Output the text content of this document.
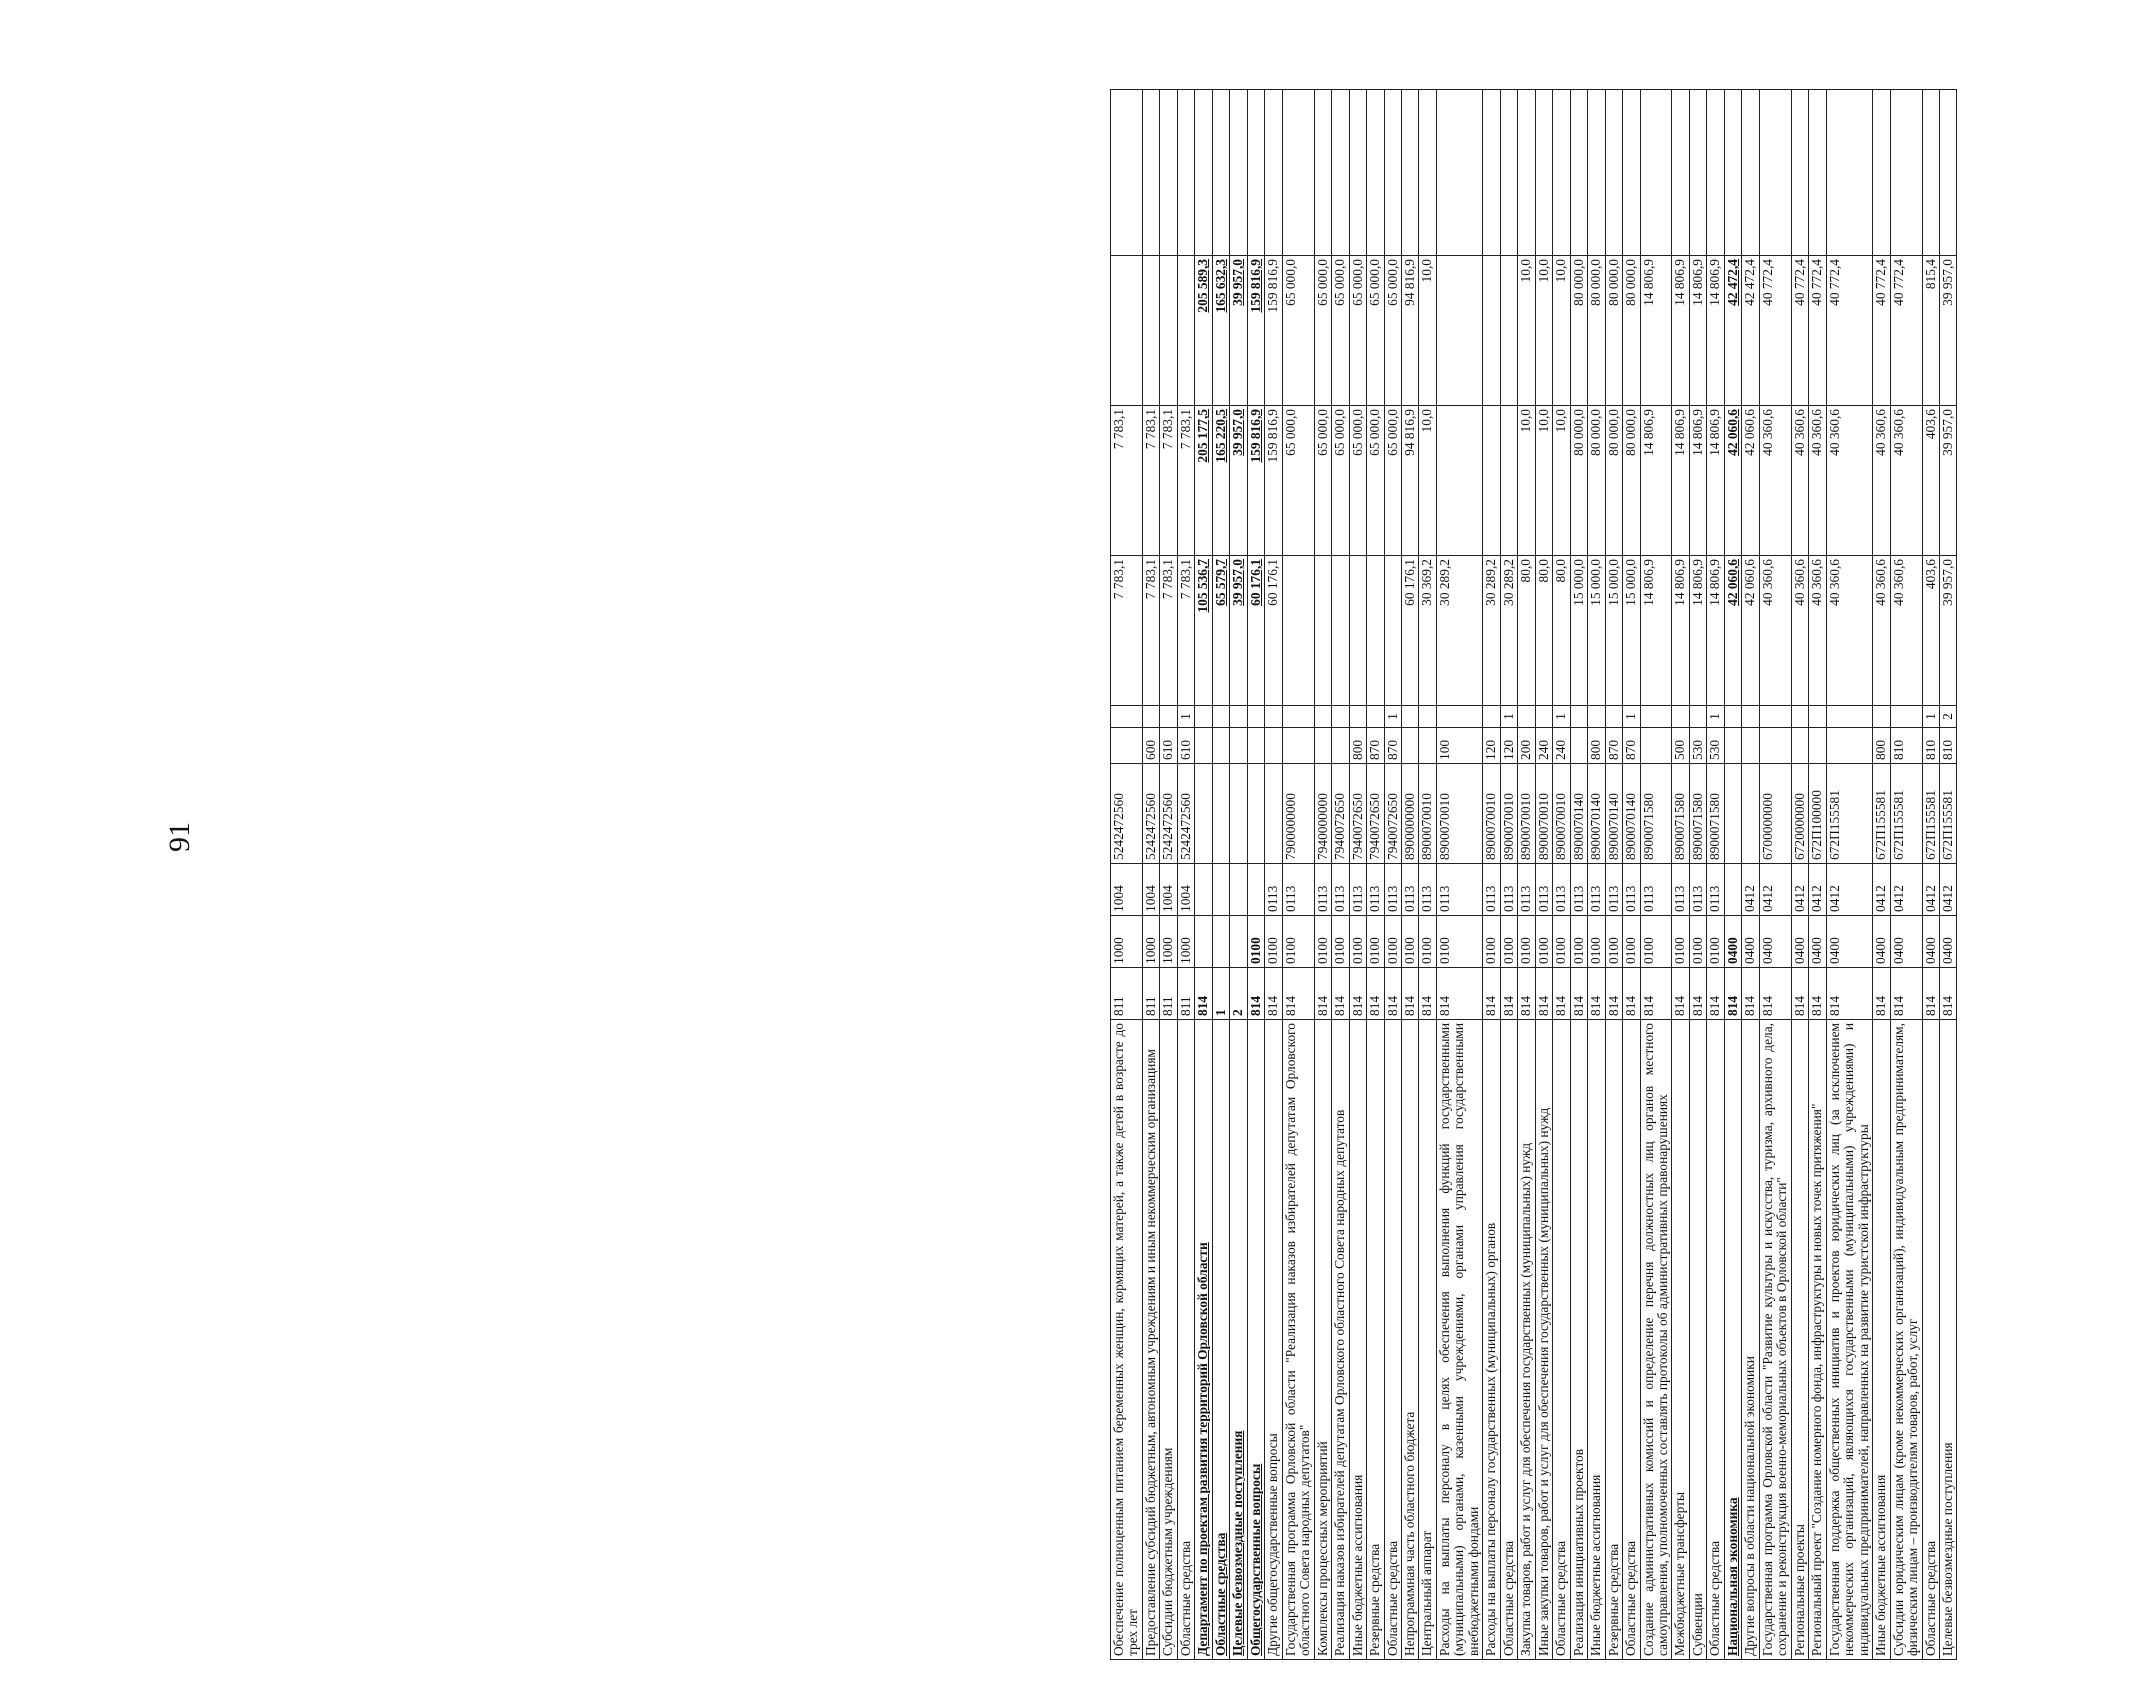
91
Обеспечение полноценным питанием беременных женщин, кормящих матерей, а также детей в возрасте до трех лет	811	1000	1004	5242472560			7 783,1	7 783,1		
Предоставление субсидий бюджетным, автономным учреждениям и иным некоммерческим организациям	811	1000	1004	5242472560	600		7 783,1	7 783,1		
Субсидии бюджетным учреждениям	811	1000	1004	5242472560	610		7 783,1	7 783,1		
Областные средства	811	1000	1004	5242472560	610	1	7 783,1	7 783,1		
Департамент по проектам развития территорий Орловской области	814						105 536,7	205 177,5	205 589,3	
Областные средства	1						65 579,7	165 220,5	165 632,3	
Целевые безвозмездные поступления	2						39 957,0	39 957,0	39 957,0	
Общегосударственные вопросы	814	0100					60 176,1	159 816,9	159 816,9	
Другие общегосударственные вопросы	814	0100	0113				60 176,1	159 816,9	159 816,9	
Государственная программа Орловской области "Реализация наказов избирателей депутатам Орловского областного Совета народных депутатов"	814	0100	0113	7900000000				65 000,0	65 000,0	
Комплексы процессных мероприятий	814	0100	0113	7940000000				65 000,0	65 000,0	
Реализация наказов избирателей депутатам Орловского областного Совета народных депутатов	814	0100	0113	7940072650				65 000,0	65 000,0	
Иные бюджетные ассигнования	814	0100	0113	7940072650	800			65 000,0	65 000,0	
Резервные средства	814	0100	0113	7940072650	870			65 000,0	65 000,0	
Областные средства	814	0100	0113	7940072650	870	1		65 000,0	65 000,0	
Непрограммная часть областного бюджета	814	0100	0113	8900000000			60 176,1	94 816,9	94 816,9	
Центральный аппарат	814	0100	0113	8900070010			30 369,2	10,0	10,0	
Расходы на выплаты персоналу в целях обеспечения выполнения функций государственными (муниципальными) органами, казенными учреждениями, органами управления государственными внебюджетными фондами	814	0100	0113	8900070010	100		30 289,2			
Расходы на выплаты персоналу государственных (муниципальных) органов	814	0100	0113	8900070010	120		30 289,2			
Областные средства	814	0100	0113	8900070010	120	1	30 289,2			
Закупка товаров, работ и услуг для обеспечения государственных (муниципальных) нужд	814	0100	0113	8900070010	200		80,0	10,0	10,0	
Иные закупки товаров, работ и услуг для обеспечения государственных (муниципальных) нужд	814	0100	0113	8900070010	240		80,0	10,0	10,0	
Областные средства	814	0100	0113	8900070010	240	1	80,0	10,0	10,0	
Реализация инициативных проектов	814	0100	0113	8900070140			15 000,0	80 000,0	80 000,0	
Иные бюджетные ассигнования	814	0100	0113	8900070140	800		15 000,0	80 000,0	80 000,0	
Резервные средства	814	0100	0113	8900070140	870		15 000,0	80 000,0	80 000,0	
Областные средства	814	0100	0113	8900070140	870	1	15 000,0	80 000,0	80 000,0	
Создание административных комиссий и определение перечня должностных лиц органов местного самоуправления, уполномоченных составлять протоколы об административных правонарушениях	814	0100	0113	8900071580			14 806,9	14 806,9	14 806,9	
Межбюджетные трансферты	814	0100	0113	8900071580	500		14 806,9	14 806,9	14 806,9	
Субвенции	814	0100	0113	8900071580	530		14 806,9	14 806,9	14 806,9	
Областные средства	814	0100	0113	8900071580	530	1	14 806,9	14 806,9	14 806,9	
Национальная экономика	814	0400					42 060,6	42 060,6	42 472,4	
Другие вопросы в области национальной экономики	814	0400	0412				42 060,6	42 060,6	42 472,4	
Государственная программа Орловской области "Развитие культуры и искусства, туризма, архивного дела, сохранение и реконструкция военно-мемориальных объектов в Орловской области"	814	0400	0412	6700000000			40 360,6	40 360,6	40 772,4	
Региональные проекты	814	0400	0412	6720000000			40 360,6	40 360,6	40 772,4	
Региональный проект "Создание номерного фонда, инфраструктуры и новых точек притяжения"	814	0400	0412	672П100000			40 360,6	40 360,6	40 772,4	
Государственная поддержка общественных инициатив и проектов юридических лиц (за исключением некоммерческих организаций, являющихся государственными (муниципальными) учреждениями) и индивидуальных предпринимателей, направленных на развитие туристской инфраструктуры	814	0400	0412	672П155581			40 360,6	40 360,6	40 772,4	
Иные бюджетные ассигнования	814	0400	0412	672П155581	800		40 360,6	40 360,6	40 772,4	
Субсидии юридическим лицам (кроме некоммерческих организаций), индивидуальным предпринимателям, физическим лицам – производителям товаров, работ, услуг	814	0400	0412	672П155581	810		40 360,6	40 360,6	40 772,4	
Областные средства	814	0400	0412	672П155581	810	1	403,6	403,6	815,4	
Целевые безвозмездные поступления	814	0400	0412	672П155581	810	2	39 957,0	39 957,0	39 957,0	
